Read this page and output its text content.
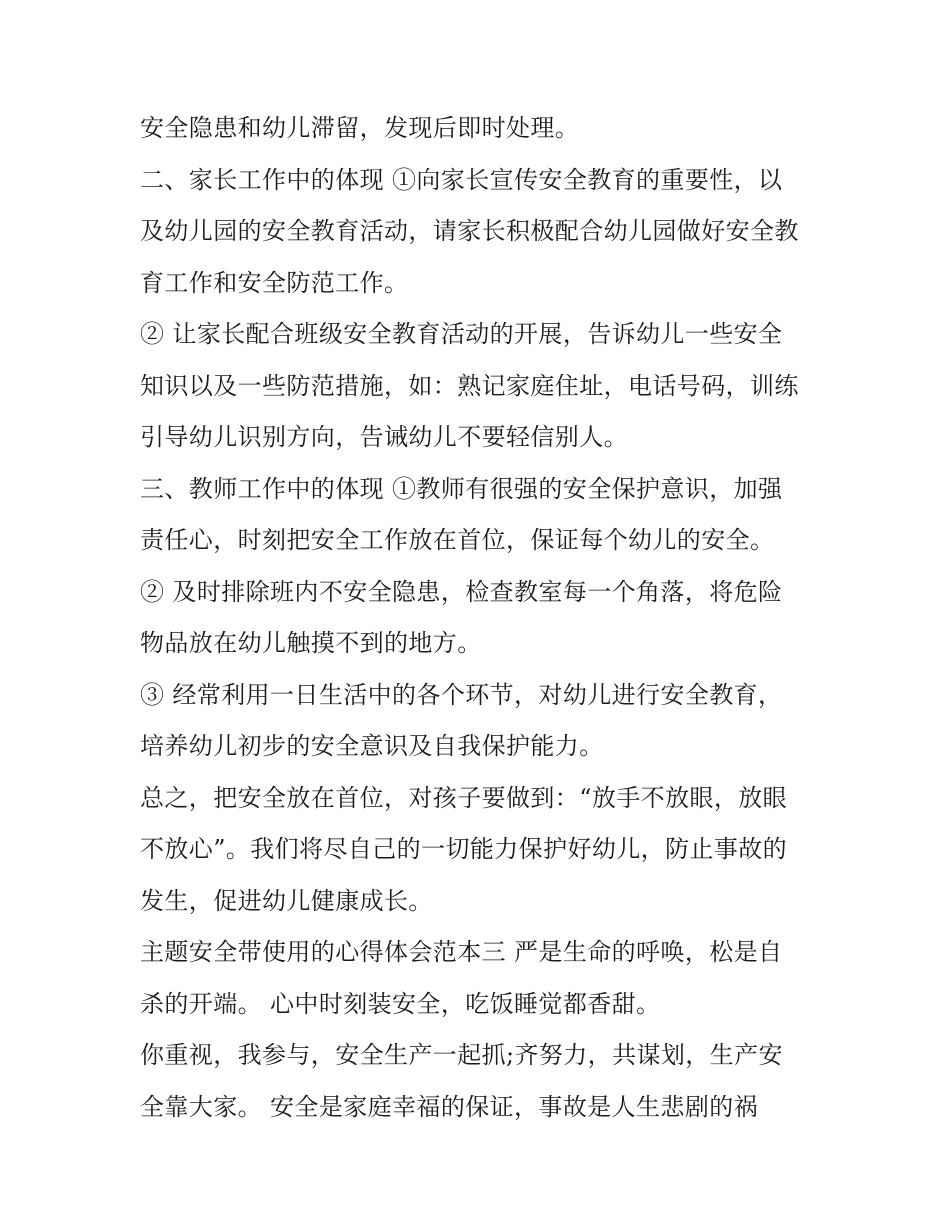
安全隐患和幼儿滞留，发现后即时处理。
二、家长工作中的体现 ①向家长宣传安全教育的重要性，以
及幼儿园的安全教育活动，请家长积极配合幼儿园做好安全教
育工作和安全防范工作。
② 让家长配合班级安全教育活动的开展，告诉幼儿一些安全
知识以及一些防范措施，如：熟记家庭住址，电话号码，训练
引导幼儿识别方向，告诫幼儿不要轻信别人。
三、教师工作中的体现 ①教师有很强的安全保护意识，加强
责任心，时刻把安全工作放在首位，保证每个幼儿的安全。
② 及时排除班内不安全隐患，检查教室每一个角落，将危险
物品放在幼儿触摸不到的地方。
③ 经常利用一日生活中的各个环节，对幼儿进行安全教育，
培养幼儿初步的安全意识及自我保护能力。
总之，把安全放在首位，对孩子要做到：“放手不放眼，放眼
不放心”。我们将尽自己的一切能力保护好幼儿，防止事故的
发生，促进幼儿健康成长。
主题安全带使用的心得体会范本三 严是生命的呼唤，松是自
杀的开端。 心中时刻装安全，吃饭睡觉都香甜。
你重视，我参与，安全生产一起抓;齐努力，共谋划，生产安
全靠大家。 安全是家庭幸福的保证，事故是人生悲剧的祸
